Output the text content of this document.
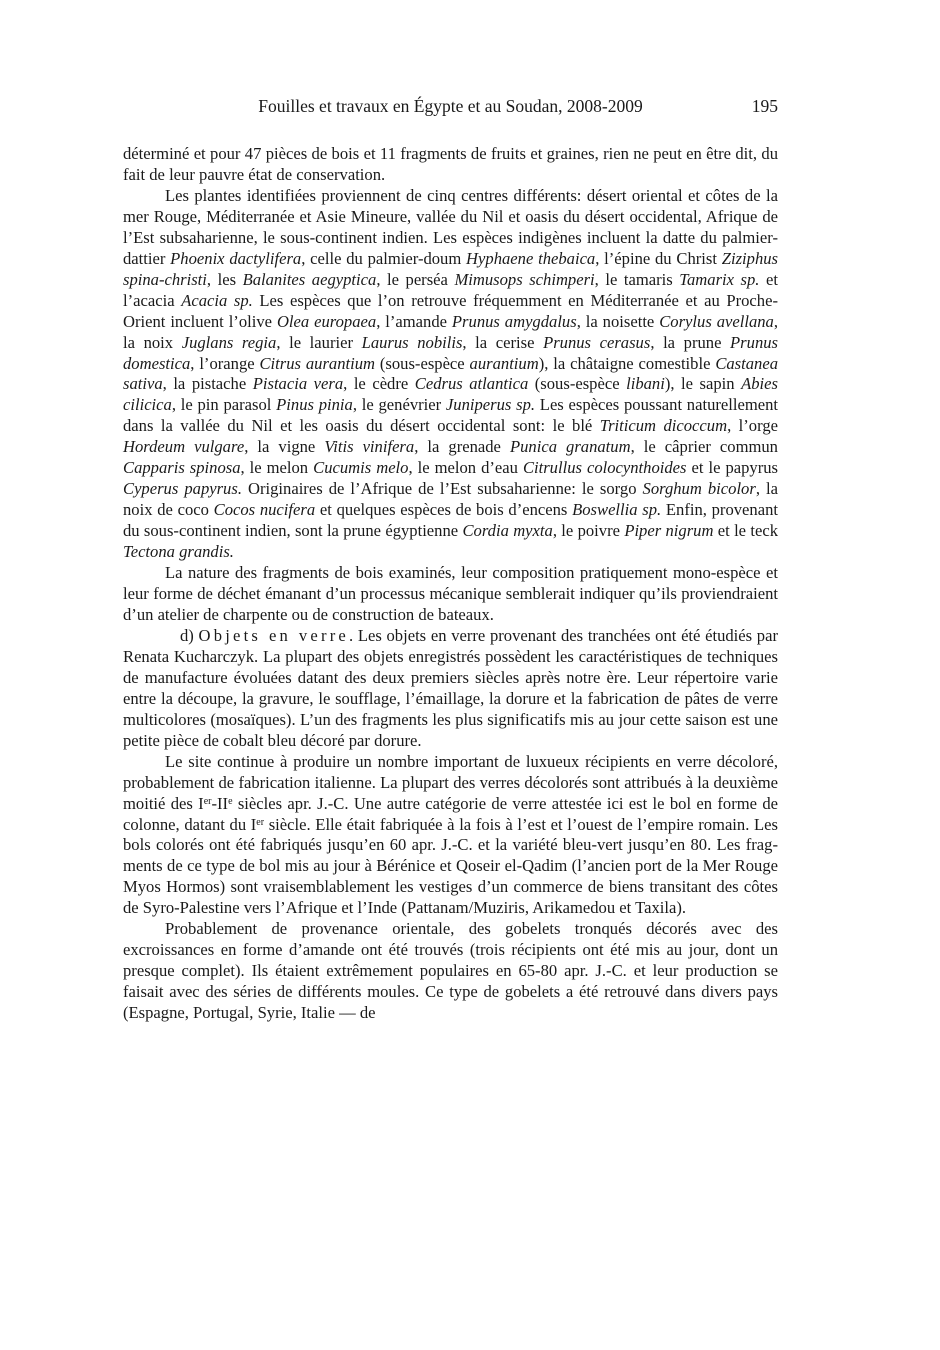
Fouilles et travaux en Égypte et au Soudan, 2008-2009	195

déterminé et pour 47 pièces de bois et 11 fragments de fruits et graines, rien ne peut en être dit, du fait de leur pauvre état de conservation.

Les plantes identifiées proviennent de cinq centres différents: désert oriental et côtes de la mer Rouge, Méditerranée et Asie Mineure, vallée du Nil et oasis du désert occidental, Afrique de l’Est subsaharienne, le sous-continent indien. Les espèces indigènes incluent la datte du palmier-dattier Phoenix dactylifera, celle du palmier-doum Hyphaene thebaica, l’épine du Christ Ziziphus spina-christi, les Balanites aegyptica, le perséa Mimusops schimperi, le tamaris Tamarix sp. et l’acacia Acacia sp. Les espèces que l’on retrouve fréquemment en Méditerranée et au Proche-Orient incluent l’olive Olea europaea, l’amande Prunus amygdalus, la noisette Corylus avellana, la noix Juglans regia, le laurier Laurus nobilis, la cerise Prunus cerasus, la prune Prunus domestica, l’orange Citrus aurantium (sous-espèce aurantium), la châtaigne comestible Castanea sativa, la pistache Pistacia vera, le cèdre Cedrus atlantica (sous-espèce libani), le sapin Abies cilicica, le pin parasol Pinus pinia, le genévrier Juniperus sp. Les espèces poussant naturellement dans la vallée du Nil et les oasis du désert occidental sont: le blé Triticum dicoccum, l’orge Hordeum vulgare, la vigne Vitis vinifera, la grenade Punica granatum, le câprier commun Capparis spinosa, le melon Cucumis melo, le melon d’eau Citrullus colocynthoides et le papyrus Cyperus papyrus. Originaires de l’Afrique de l’Est subsaharienne: le sorgo Sorghum bicolor, la noix de coco Cocos nucifera et quelques espèces de bois d’encens Boswellia sp. Enfin, provenant du sous-continent indien, sont la prune égyptienne Cordia myxta, le poivre Piper nigrum et le teck Tectona grandis.

La nature des fragments de bois examinés, leur composition pratiquement mono-espèce et leur forme de déchet émanant d’un processus mécanique semblerait indiquer qu’ils proviendraient d’un atelier de charpente ou de construction de bateaux.

d) Objets en verre. Les objets en verre provenant des tranchées ont été étudiés par Renata Kucharczyk. La plupart des objets enregistrés possèdent les caractéristiques de techniques de manufacture évoluées datant des deux premiers siècles après notre ère. Leur répertoire varie entre la découpe, la gravure, le soufflage, l’émaillage, la dorure et la fabrication de pâtes de verre multicolores (mosaïques). L’un des fragments les plus significatifs mis au jour cette saison est une petite pièce de cobalt bleu décoré par dorure.

Le site continue à produire un nombre important de luxueux récipients en verre décoloré, probablement de fabrication italienne. La plupart des verres décolorés sont attribués à la deuxième moitié des Ier-IIe siècles apr. J.-C. Une autre catégorie de verre attestée ici est le bol en forme de colonne, datant du Ier siècle. Elle était fabriquée à la fois à l’est et l’ouest de l’empire romain. Les bols colorés ont été fabriqués jusqu’en 60 apr. J.-C. et la variété bleu-vert jusqu’en 80. Les fragments de ce type de bol mis au jour à Bérénice et Qoseir el-Qadim (l’ancien port de la Mer Rouge Myos Hormos) sont vraisemblablement les vestiges d’un commerce de biens transitant des côtes de Syro-Palestine vers l’Afrique et l’Inde (Pattanam/Muziris, Arikamedou et Taxila).

Probablement de provenance orientale, des gobelets tronqués décorés avec des excroissances en forme d’amande ont été trouvés (trois récipients ont été mis au jour, dont un presque complet). Ils étaient extrêmement populaires en 65-80 apr. J.-C. et leur production se faisait avec des séries de différents moules. Ce type de gobelets a été retrouvé dans divers pays (Espagne, Portugal, Syrie, Italie — de
